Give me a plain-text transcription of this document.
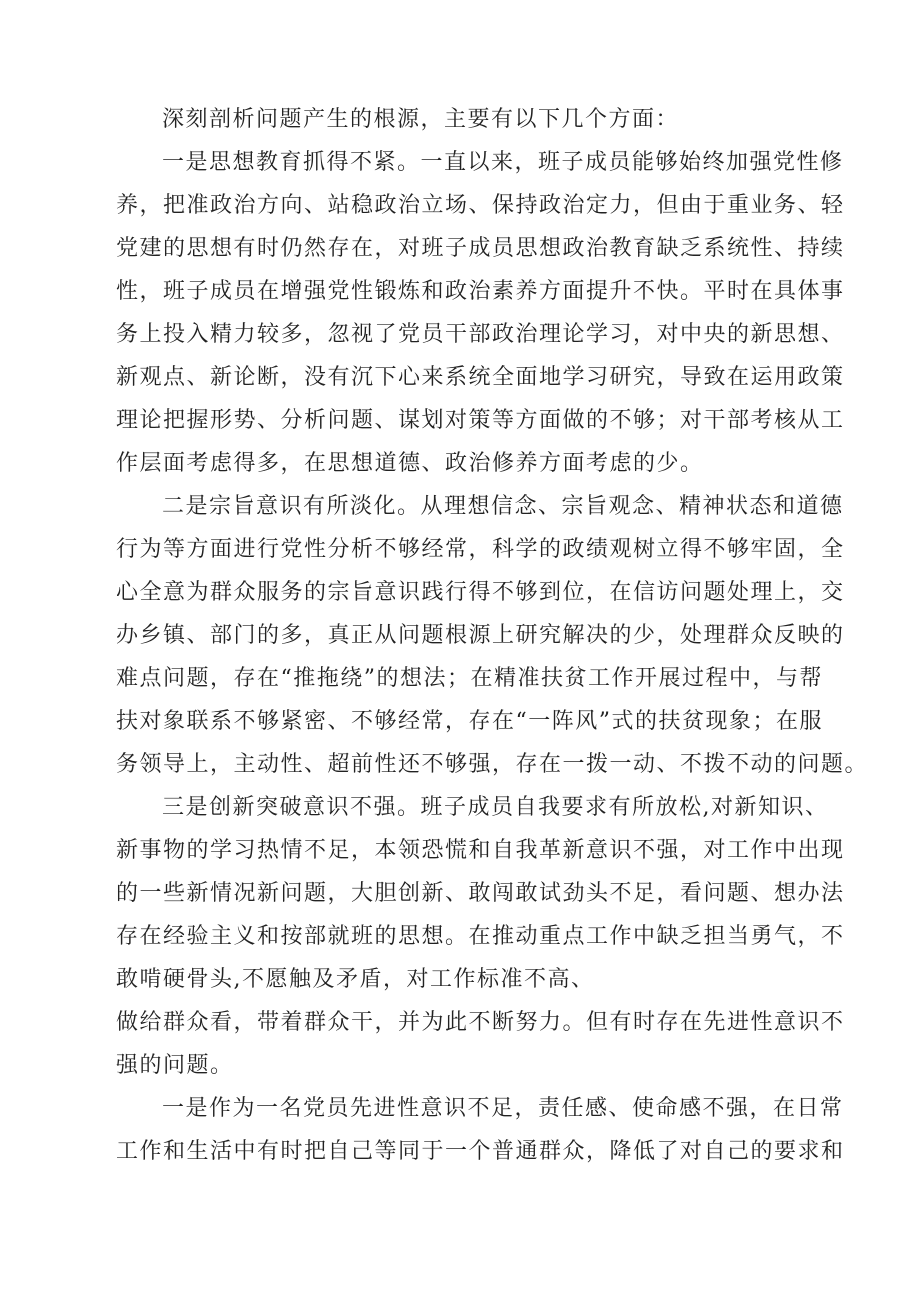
深刻剖析问题产生的根源，主要有以下几个方面：
一是思想教育抓得不紧。一直以来，班子成员能够始终加强党性修
养，把准政治方向、站稳政治立场、保持政治定力，但由于重业务、轻
党建的思想有时仍然存在，对班子成员思想政治教育缺乏系统性、持续
性，班子成员在增强党性锻炼和政治素养方面提升不快。平时在具体事
务上投入精力较多，忽视了党员干部政治理论学习，对中央的新思想、
新观点、新论断，没有沉下心来系统全面地学习研究，导致在运用政策
理论把握形势、分析问题、谋划对策等方面做的不够；对干部考核从工
作层面考虑得多，在思想道德、政治修养方面考虑的少。
二是宗旨意识有所淡化。从理想信念、宗旨观念、精神状态和道德
行为等方面进行党性分析不够经常，科学的政绩观树立得不够牢固，全
心全意为群众服务的宗旨意识践行得不够到位，在信访问题处理上，交
办乡镇、部门的多，真正从问题根源上研究解决的少，处理群众反映的
难点问题，存在“推拖绕”的想法；在精准扶贫工作开展过程中，与帮
扶对象联系不够紧密、不够经常，存在“一阵风”式的扶贫现象；在服
务领导上，主动性、超前性还不够强，存在一拨一动、不拨不动的问题。
三是创新突破意识不强。班子成员自我要求有所放松,对新知识、
新事物的学习热情不足，本领恐慌和自我革新意识不强，对工作中出现
的一些新情况新问题，大胆创新、敢闯敢试劲头不足，看问题、想办法
存在经验主义和按部就班的思想。在推动重点工作中缺乏担当勇气，不
敢啃硬骨头,不愿触及矛盾，对工作标准不高、
做给群众看，带着群众干，并为此不断努力。但有时存在先进性意识不
强的问题。
一是作为一名党员先进性意识不足，责任感、使命感不强，在日常
工作和生活中有时把自己等同于一个普通群众，降低了对自己的要求和
